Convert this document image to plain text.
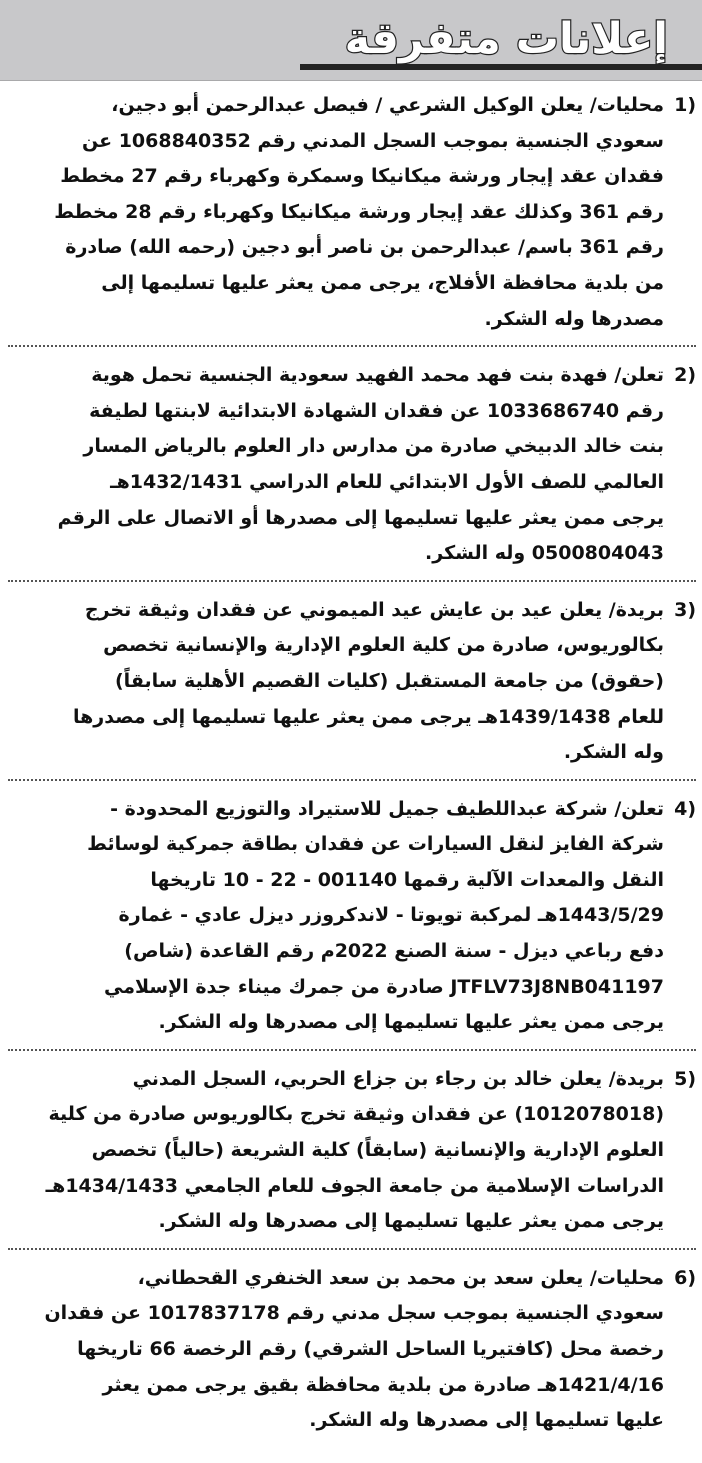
إعلانات متفرقة
1)
محليات/ يعلن الوكيل الشرعي / فيصل عبدالرحمن أبو دجين،
سعودي الجنسية بموجب السجل المدني رقم 1068840352 عن
فقدان عقد إيجار ورشة ميكانيكا وسمكرة وكهرباء رقم 27 مخطط
رقم 361 وكذلك عقد إيجار ورشة ميكانيكا وكهرباء رقم 28 مخطط
رقم 361 باسم/ عبدالرحمن بن ناصر أبو دجين (رحمه الله) صادرة
من بلدية محافظة الأفلاج، يرجى ممن يعثر عليها تسليمها إلى
مصدرها وله الشكر.
2)
تعلن/ فهدة بنت فهد محمد الفهيد سعودية الجنسية تحمل هوية
رقم 1033686740 عن فقدان الشهادة الابتدائية لابنتها لطيفة
بنت خالد الدبيخي صادرة من مدارس دار العلوم بالرياض المسار
العالمي للصف الأول الابتدائي للعام الدراسي 1432/1431هـ
يرجى ممن يعثر عليها تسليمها إلى مصدرها أو الاتصال على الرقم
0500804043 وله الشكر.
3)
بريدة/ يعلن عيد بن عايش عيد الميموني عن فقدان وثيقة تخرج
بكالوريوس، صادرة من كلية العلوم الإدارية والإنسانية تخصص
(حقوق) من جامعة المستقبل (كليات القصيم الأهلية سابقاً)
للعام 1439/1438هـ يرجى ممن يعثر عليها تسليمها إلى مصدرها
وله الشكر.
4)
تعلن/ شركة عبداللطيف جميل للاستيراد والتوزيع المحدودة -
شركة الفايز لنقل السيارات عن فقدان بطاقة جمركية لوسائط
النقل والمعدات الآلية رقمها 001140 - 22 - 10 تاريخها
1443/5/29هـ لمركبة تويوتا - لاندكروزر ديزل عادي - غمارة
دفع رباعي ديزل - سنة الصنع 2022م رقم القاعدة (شاص)
JTFLV73J8NB041197 صادرة من جمرك ميناء جدة الإسلامي
يرجى ممن يعثر عليها تسليمها إلى مصدرها وله الشكر.
5)
بريدة/ يعلن خالد بن رجاء بن جزاع الحربي، السجل المدني
(1012078018) عن فقدان وثيقة تخرج بكالوريوس صادرة من كلية
العلوم الإدارية والإنسانية (سابقاً) كلية الشريعة (حالياً) تخصص
الدراسات الإسلامية من جامعة الجوف للعام الجامعي 1434/1433هـ
يرجى ممن يعثر عليها تسليمها إلى مصدرها وله الشكر.
6)
محليات/ يعلن سعد بن محمد بن سعد الخنفري القحطاني،
سعودي الجنسية بموجب سجل مدني رقم 1017837178 عن فقدان
رخصة محل (كافتيريا الساحل الشرقي) رقم الرخصة 66 تاريخها
1421/4/16هـ صادرة من بلدية محافظة بقيق يرجى ممن يعثر
عليها تسليمها إلى مصدرها وله الشكر.
